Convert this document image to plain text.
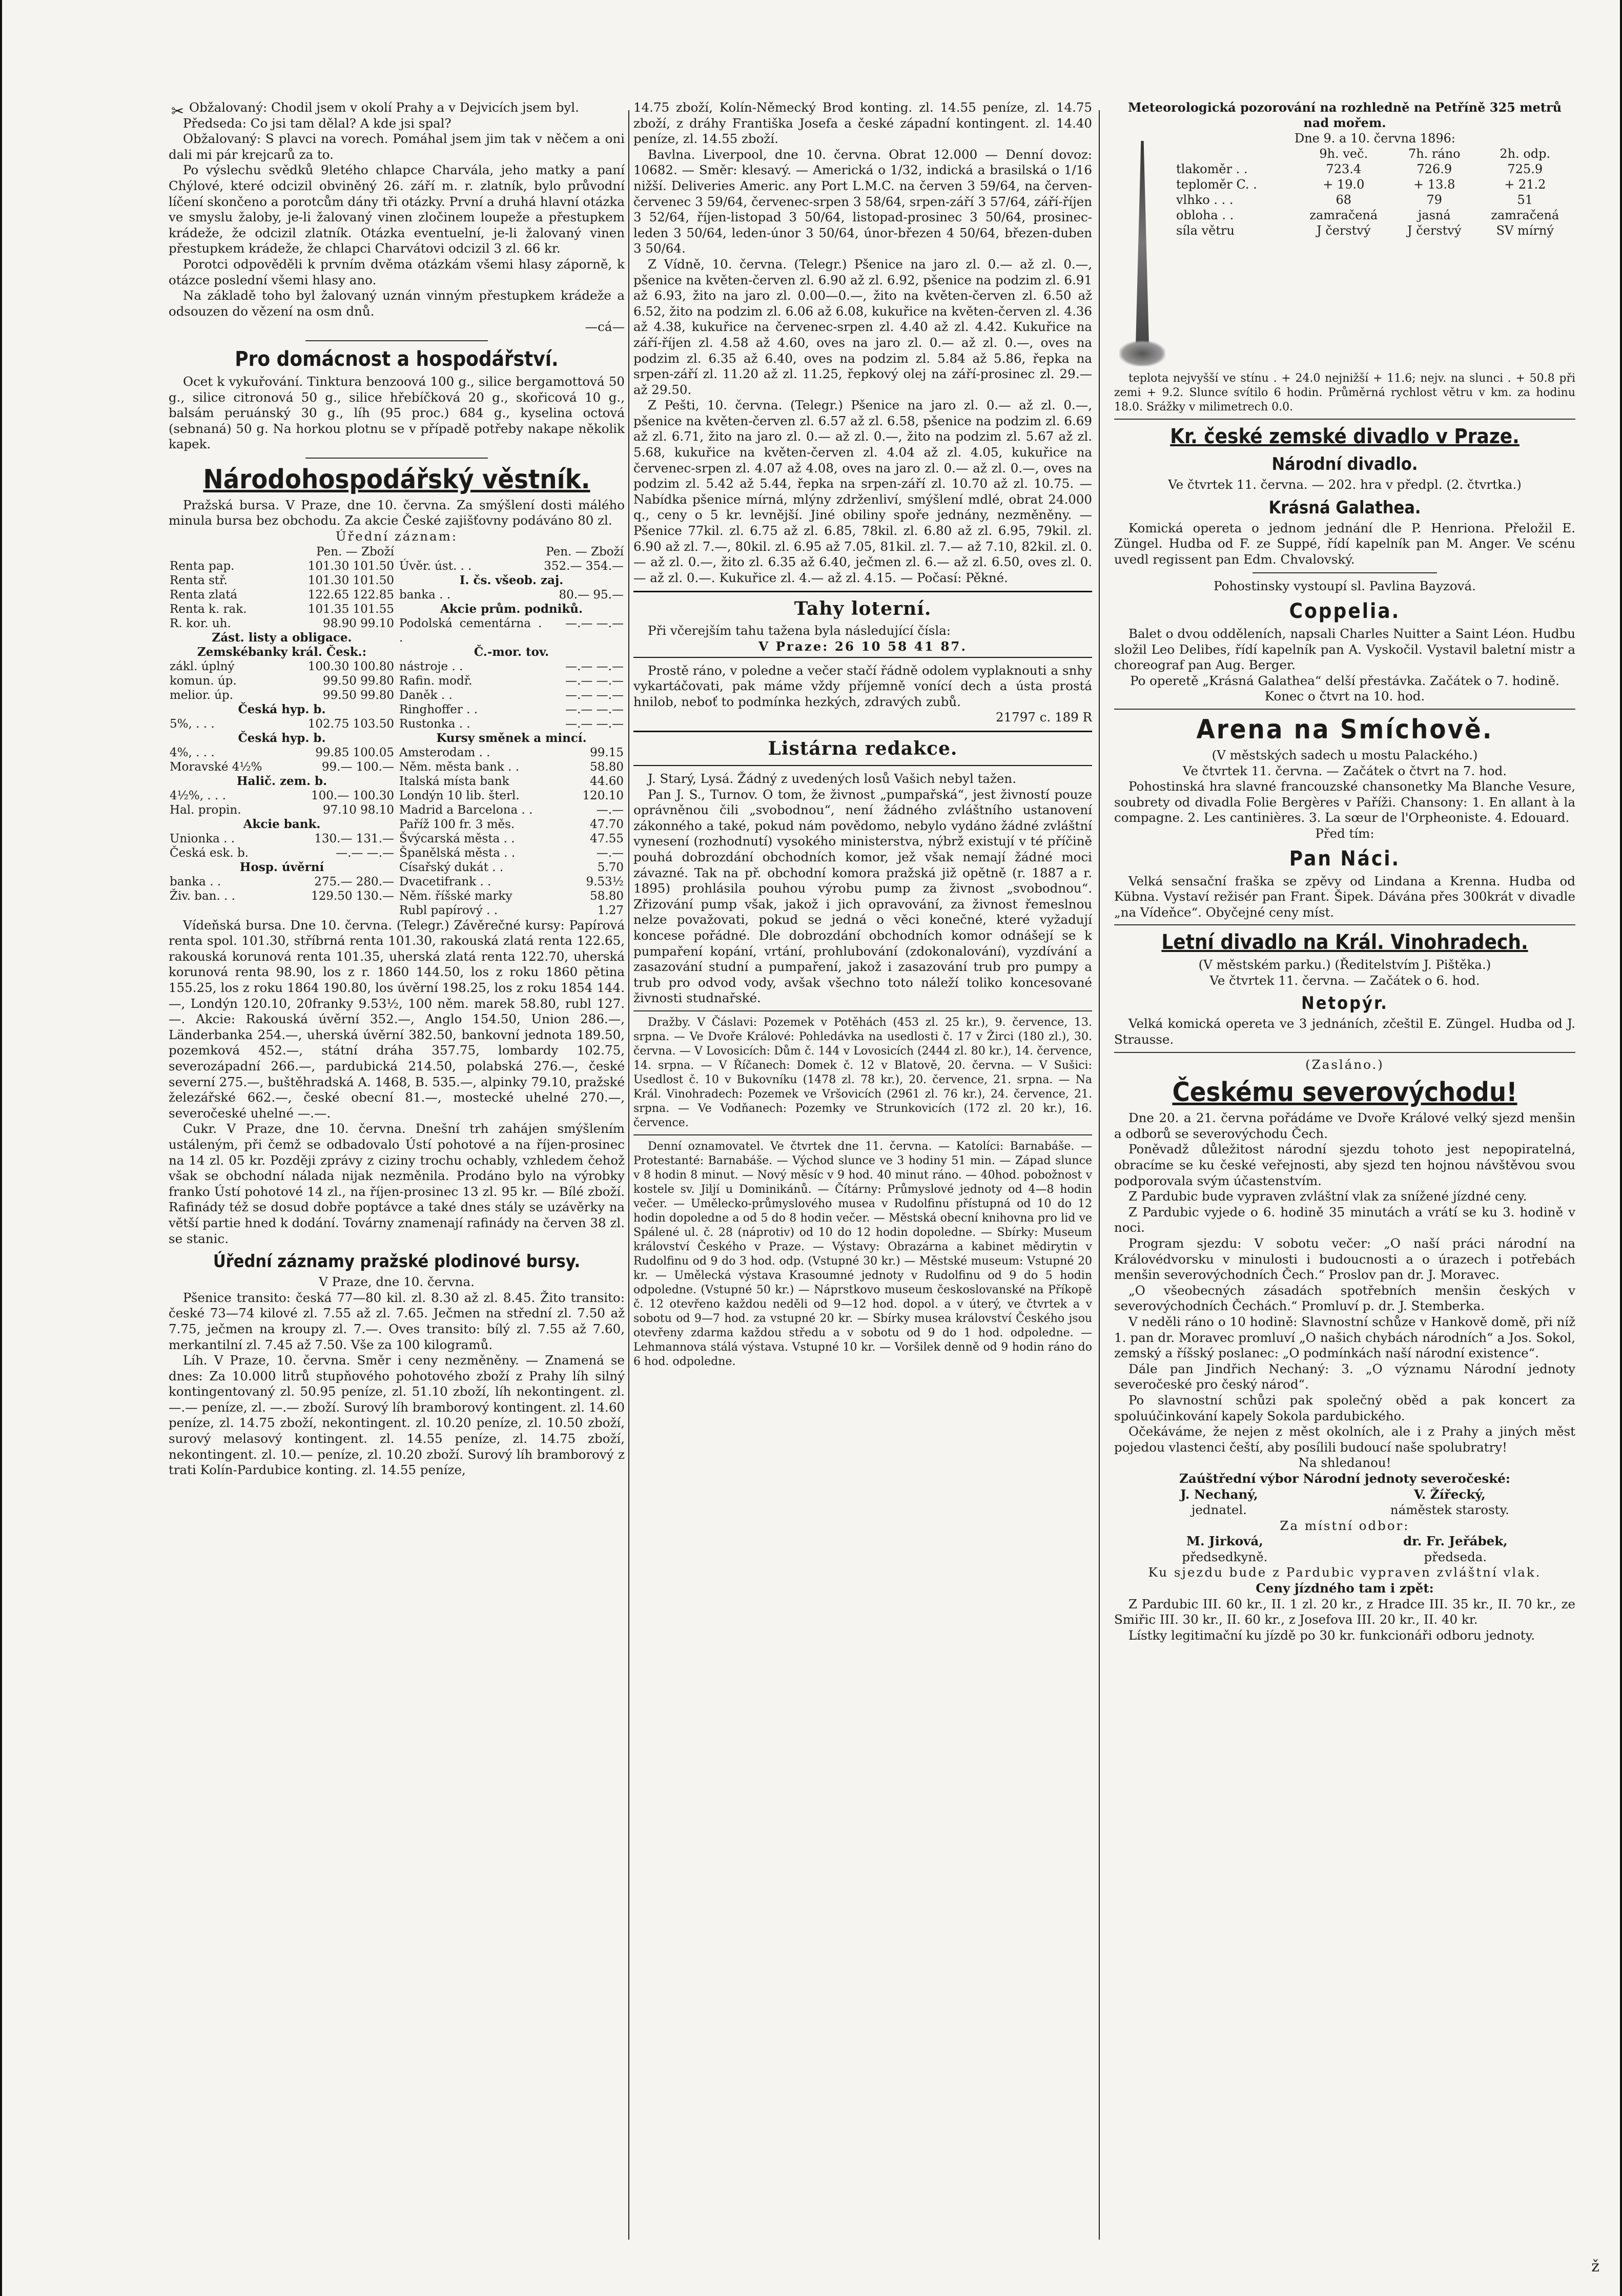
✂ Obžalovaný: Chodil jsem v okolí Prahy a v Dejvicích jsem byl.

Předseda: Co jsi tam dělal? A kde jsi spal?

Obžalovaný: S plavci na vorech. Pomáhal jsem jim tak v něčem a oni dali mi pár krejcarů za to.

Po výslechu svědků 9letého chlapce Charvála, jeho matky a paní Chýlové, které odcizil obviněný 26. září m. r. zlatník, bylo průvodní líčení skončeno a porotcům dány tři otázky. První a druhá hlavní otázka ve smyslu žaloby, je-li žalovaný vinen zločinem loupeže a přestupkem krádeže, že odcizil zlatník. Otázka eventuelní, je-li žalovaný vinen přestupkem krádeže, že chlapci Charvátovi odcizil 3 zl. 66 kr.

Porotci odpověděli k prvním dvěma otázkám všemi hlasy záporně, k otázce poslední všemi hlasy ano.

Na základě toho byl žalovaný uznán vinným přestupkem krádeže a odsouzen do vězení na osm dnů.

—cá—

Pro domácnost a hospodářství.

Ocet k vykuřování. Tinktura benzoová 100 g., silice bergamottová 50 g., silice citronová 50 g., silice hřebíčková 20 g., skořicová 10 g., balsám peruánský 30 g., líh (95 proc.) 684 g., kyselina octová (sebnaná) 50 g. Na horkou plotnu se v případě potřeby nakape několik kapek.

Národohospodářský věstník.

Pražská bursa. V Praze, dne 10. června. Za smýšlení dosti málého minula bursa bez obchodu. Za akcie České zajišťovny podáváno 80 zl.

Úřední záznam:

	Pen. — Zboží
Renta pap.	101.30 101.50
Renta stř.	101.30 101.50
Renta zlatá	122.65 122.85
Renta k. rak.	101.35 101.55
R. kor. uh.	98.90 99.10
Zást. listy a obligace.	
Zemskébanky král. Česk.:	
zákl. úplný	100.30 100.80
komun. úp.	99.50 99.80
melior. úp.	99.50 99.80
Česká hyp. b.	
5%, . . .	102.75 103.50
Česká hyp. b.	
4%, . . .	99.85 100.05
Moravské 4½%	99.— 100.—
Halič. zem. b.	
4½%, . . .	100.— 100.30
Hal. propin.	97.10 98.10
Akcie bank.	
Unionka . .	130.— 131.—
Česká esk. b.	—.— —.—
Hosp. úvěrní	
banka . .	275.— 280.—
Živ. ban. . .	129.50 130.—
	Pen. — Zboží
Úvěr. úst. . .	352.— 354.—
I. čs. všeob. zaj.	
banka . .	80.— 95.—
Akcie prům. podniků.	
Podolská cementárna . .	—.— —.—
Č.-mor. tov.	
nástroje . .	—.— —.—
Rafin. modř.	—.— —.—
Daněk . .	—.— —.—
Ringhoffer . .	—.— —.—
Rustonka . .	—.— —.—
Kursy směnek a mincí.	
Amsterodam . .	99.15
Něm. města bank . .	58.80
Italská místa bank	44.60
Londýn 10 lib. šterl.	120.10
Madrid a Barcelona . .	—.—
Paříž 100 fr. 3 měs.	47.70
Švýcarská města . .	47.55
Španělská města . .	—.—
Císařský dukát . .	5.70
Dvacetifrank . .	9.53½
Něm. říšské marky	58.80
Rubl papírový . .	1.27

Vídeňská bursa. Dne 10. června. (Telegr.) Závěrečné kursy: Papírová renta spol. 101.30, stříbrná renta 101.30, rakouská zlatá renta 122.65, rakouská korunová renta 101.35, uherská zlatá renta 122.70, uherská korunová renta 98.90, los z r. 1860 144.50, los z roku 1860 pětina 155.25, los z roku 1864 190.80, los úvěrní 198.25, los z roku 1854 144.—, Londýn 120.10, 20franky 9.53½, 100 něm. marek 58.80, rubl 127.—. Akcie: Rakouská úvěrní 352.—, Anglo 154.50, Union 286.—, Länderbanka 254.—, uherská úvěrní 382.50, bankovní jednota 189.50, pozemková 452.—, státní dráha 357.75, lombardy 102.75, severozápadní 266.—, pardubická 214.50, polabská 276.—, české severní 275.—, buštěhradská A. 1468, B. 535.—, alpinky 79.10, pražské železářské 662.—, české obecní 81.—, mostecké uhelné 270.—, severočeské uhelné —.—.

Cukr. V Praze, dne 10. června. Dnešní trh zahájen smýšlením ustáleným, při čemž se odbadovalo Ústí pohotové a na říjen-prosinec na 14 zl. 05 kr. Později zprávy z ciziny trochu ochably, vzhledem čehož však se obchodní nálada nijak nezměnila. Prodáno bylo na výrobky franko Ústí pohotové 14 zl., na říjen-prosinec 13 zl. 95 kr. — Bílé zboží. Rafinády též se dosud dobře poptávce a také dnes stály se uzávěrky na větší partie hned k dodání. Továrny znamenají rafinády na červen 38 zl. se stanic.

Úřední záznamy pražské plodinové bursy.

V Praze, dne 10. června.

Pšenice transito: česká 77—80 kil. zl. 8.30 až zl. 8.45. Žito transito: české 73—74 kilové zl. 7.55 až zl. 7.65. Ječmen na střední zl. 7.50 až 7.75, ječmen na kroupy zl. 7.—. Oves transito: bílý zl. 7.55 až 7.60, merkantilní zl. 7.45 až 7.50. Vše za 100 kilogramů.

Líh. V Praze, 10. června. Směr i ceny nezměněny. — Znamená se dnes: Za 10.000 litrů stupňového pohotového zboží z Prahy líh silný kontingentovaný zl. 50.95 peníze, zl. 51.10 zboží, líh nekontingent. zl. —.— peníze, zl. —.— zboží. Surový líh bramborový kontingent. zl. 14.60 peníze, zl. 14.75 zboží, nekontingent. zl. 10.20 peníze, zl. 10.50 zboží, surový melasový kontingent. zl. 14.55 peníze, zl. 14.75 zboží, nekontingent. zl. 10.— peníze, zl. 10.20 zboží. Surový líh bramborový z trati Kolín-Pardubice konting. zl. 14.55 peníze,

14.75 zboží, Kolín-Německý Brod konting. zl. 14.55 peníze, zl. 14.75 zboží, z dráhy Františka Josefa a české západní kontingent. zl. 14.40 peníze, zl. 14.55 zboží.

Bavlna. Liverpool, dne 10. června. Obrat 12.000 — Denní dovoz: 10682. — Směr: klesavý. — Americká o 1/32, indická a brasilská o 1/16 nižší. Deliveries Americ. any Port L.M.C. na červen 3 59/64, na červen-červenec 3 59/64, červenec-srpen 3 58/64, srpen-září 3 57/64, září-říjen 3 52/64, říjen-listopad 3 50/64, listopad-prosinec 3 50/64, prosinec-leden 3 50/64, leden-únor 3 50/64, únor-březen 4 50/64, březen-duben 3 50/64.

Z Vídně, 10. června. (Telegr.) Pšenice na jaro zl. 0.— až zl. 0.—, pšenice na květen-červen zl. 6.90 až zl. 6.92, pšenice na podzim zl. 6.91 až 6.93, žito na jaro zl. 0.00—0.—, žito na květen-červen zl. 6.50 až 6.52, žito na podzim zl. 6.06 až 6.08, kukuřice na květen-červen zl. 4.36 až 4.38, kukuřice na červenec-srpen zl. 4.40 až zl. 4.42. Kukuřice na září-říjen zl. 4.58 až 4.60, oves na jaro zl. 0.— až zl. 0.—, oves na podzim zl. 6.35 až 6.40, oves na podzim zl. 5.84 až 5.86, řepka na srpen-září zl. 11.20 až zl. 11.25, řepkový olej na září-prosinec zl. 29.— až 29.50.

Z Pešti, 10. června. (Telegr.) Pšenice na jaro zl. 0.— až zl. 0.—, pšenice na květen-červen zl. 6.57 až zl. 6.58, pšenice na podzim zl. 6.69 až zl. 6.71, žito na jaro zl. 0.— až zl. 0.—, žito na podzim zl. 5.67 až zl. 5.68, kukuřice na květen-červen zl. 4.04 až zl. 4.05, kukuřice na červenec-srpen zl. 4.07 až 4.08, oves na jaro zl. 0.— až zl. 0.—, oves na podzim zl. 5.42 až 5.44, řepka na srpen-září zl. 10.70 až zl. 10.75. — Nabídka pšenice mírná, mlýny zdrženliví, smýšlení mdlé, obrat 24.000 q., ceny o 5 kr. levnější. Jiné obiliny spoře jednány, nezměněny. — Pšenice 77kil. zl. 6.75 až zl. 6.85, 78kil. zl. 6.80 až zl. 6.95, 79kil. zl. 6.90 až zl. 7.—, 80kil. zl. 6.95 až 7.05, 81kil. zl. 7.— až 7.10, 82kil. zl. 0.— až zl. 0.—, žito zl. 6.35 až 6.40, ječmen zl. 6.— až zl. 6.50, oves zl. 0.— až zl. 0.—. Kukuřice zl. 4.— až zl. 4.15. — Počasí: Pěkné.

Tahy loterní.

Při včerejším tahu tažena byla následující čísla:

V Praze: 26 10 58 41 87.

Prostě ráno, v poledne a večer stačí řádně odolem vyplaknouti a snhy vykartáčovati, pak máme vždy příjemně vonící dech a ústa prostá hnilob, neboť to podmínka hezkých, zdravých zubů.

21797 c. 189 R

Listárna redakce.

J. Starý, Lysá. Žádný z uvedených losů Vašich nebyl tažen.

Pan J. S., Turnov. O tom, že živnost „pumpařská“, jest živností pouze oprávněnou čili „svobodnou“, není žádného zvláštního ustanovení zákonného a také, pokud nám povědomo, nebylo vydáno žádné zvláštní vynesení (rozhodnutí) vysokého ministerstva, nýbrž existují v té příčině pouhá dobrozdání obchodních komor, jež však nemají žádné moci závazné. Tak na př. obchodní komora pražská již opětně (r. 1887 a r. 1895) prohlásila pouhou výrobu pump za živnost „svobodnou“. Zřizování pump však, jakož i jich opravování, za živnost řemeslnou nelze považovati, pokud se jedná o věci konečné, které vyžadují koncese pořádné. Dle dobrozdání obchodních komor odnášejí se k pumpaření kopání, vrtání, prohlubování (zdokonalování), vyzdívání a zasazování studní a pumpaření, jakož i zasazování trub pro pumpy a trub pro odvod vody, avšak všechno toto náleží toliko koncesované živnosti studnařské.

Dražby. V Čáslavi: Pozemek v Potěhách (453 zl. 25 kr.), 9. července, 13. srpna. — Ve Dvoře Králové: Pohledávka na usedlosti č. 17 v Žirci (180 zl.), 30. června. — V Lovosicích: Dům č. 144 v Lovosicích (2444 zl. 80 kr.), 14. července, 14. srpna. — V Říčanech: Domek č. 12 v Blatově, 20. června. — V Sušici: Usedlost č. 10 v Bukovníku (1478 zl. 78 kr.), 20. července, 21. srpna. — Na Král. Vinohradech: Pozemek ve Vršovicích (2961 zl. 76 kr.), 24. července, 21. srpna. — Ve Vodňanech: Pozemky ve Strunkovicích (172 zl. 20 kr.), 16. července.

Denní oznamovatel. Ve čtvrtek dne 11. června. — Katolíci: Barnabáše. — Protestanté: Barnabáše. — Východ slunce ve 3 hodiny 51 min. — Západ slunce v 8 hodin 8 minut. — Nový měsíc v 9 hod. 40 minut ráno. — 40hod. pobožnost v kostele sv. Jiljí u Dominikánů. — Čítárny: Průmyslové jednoty od 4—8 hodin večer. — Umělecko-průmyslového musea v Rudolfinu přístupná od 10 do 12 hodin dopoledne a od 5 do 8 hodin večer. — Městská obecní knihovna pro lid ve Spálené ul. č. 28 (náprotiv) od 10 do 12 hodin dopoledne. — Sbírky: Museum království Českého v Praze. — Výstavy: Obrazárna a kabinet mědirytin v Rudolfinu od 9 do 3 hod. odp. (Vstupné 30 kr.) — Městské museum: Vstupné 20 kr. — Umělecká výstava Krasoumné jednoty v Rudolfinu od 9 do 5 hodin odpoledne. (Vstupné 50 kr.) — Náprstkovo museum českoslovanské na Příkopě č. 12 otevřeno každou neděli od 9—12 hod. dopol. a v úterý, ve čtvrtek a v sobotu od 9—7 hod. za vstupné 20 kr. — Sbírky musea království Českého jsou otevřeny zdarma každou středu a v sobotu od 9 do 1 hod. odpoledne. — Lehmannova stálá výstava. Vstupné 10 kr. — Voršilek denně od 9 hodin ráno do 6 hod. odpoledne.

Meteorologická pozorování na rozhledně na Petříně 325 metrů nad mořem.
Dne 9. a 10. června 1896:
	9h. več.	7h. ráno	2h. odp.
tlakoměr . .	723.4	726.9	725.9
teploměr C. .	+ 19.0	+ 13.8	+ 21.2
vlhko . . .	68	79	51
obloha . .	zamračená	jasná	zamračená
síla větru	J čerstvý	J čerstvý	SV mírný

teplota nejvyšší ve stínu . + 24.0 nejnižší + 11.6; nejv. na slunci . + 50.8 při zemi + 9.2. Slunce svítilo 6 hodin. Průměrná rychlost větru v km. za hodinu 18.0. Srážky v milimetrech 0.0.

Kr. české zemské divadlo v Praze.
Národní divadlo.

Ve čtvrtek 11. června. — 202. hra v předpl. (2. čtvrtka.)

Krásná Galathea.

Komická opereta o jednom jednání dle P. Henriona. Přeložil E. Züngel. Hudba od F. ze Suppé, řídí kapelník pan M. Anger. Ve scénu uvedl regissent pan Edm. Chvalovský.

Pohostinsky vystoupí sl. Pavlina Bayzová.

Coppelia.

Balet o dvou odděleních, napsali Charles Nuitter a Saint Léon. Hudbu složil Leo Delibes, řídí kapelník pan A. Vyskočil. Vystavil baletní mistr a choreograf pan Aug. Berger.

Po operetě „Krásná Galathea“ delší přestávka. Začátek o 7. hodině. Konec o čtvrt na 10. hod.

Arena na Smíchově.

(V městských sadech u mostu Palackého.)

Ve čtvrtek 11. června. — Začátek o čtvrt na 7. hod.

Pohostinská hra slavné francouzské chansonetky Ma Blanche Vesure, soubrety od divadla Folie Bergères v Paříži. Chansony: 1. En allant à la compagne. 2. Les cantinières. 3. La sœur de l'Orpheoniste. 4. Edouard.

Před tím:

Pan Náci.

Velká sensační fraška se zpěvy od Lindana a Krenna. Hudba od Kübna. Vystaví režisér pan Frant. Šipek. Dávána přes 300krát v divadle „na Vídeňce“. Obyčejné ceny míst.

Letní divadlo na Král. Vinohradech.

(V městském parku.) (Ředitelstvím J. Pištěka.)

Ve čtvrtek 11. června. — Začátek o 6. hod.

Netopýr.

Velká komická opereta ve 3 jednáních, zčeštil E. Züngel. Hudba od J. Strausse.

(Zasláno.)

Českému severovýchodu!

Dne 20. a 21. června pořádáme ve Dvoře Králové velký sjezd menšin a odborů se severovýchodu Čech.

Poněvadž důležitost národní sjezdu tohoto jest nepopiratelná, obracíme se ku české veřejnosti, aby sjezd ten hojnou návštěvou svou podporovala svým účastenstvím.

Z Pardubic bude vypraven zvláštní vlak za snížené jízdné ceny.

Z Pardubic vyjede o 6. hodině 35 minutách a vrátí se ku 3. hodině v noci.

Program sjezdu: V sobotu večer: „O naší práci národní na Královédvorsku v minulosti i budoucnosti a o úrazech i potřebách menšin severovýchodních Čech.“ Proslov pan dr. J. Moravec.

„O všeobecných zásadách spotřebních menšin českých v severovýchodních Čechách.“ Promluví p. dr. J. Stemberka.

V neděli ráno o 10 hodině: Slavnostní schůze v Hankově domě, při níž 1. pan dr. Moravec promluví „O našich chybách národních“ a Jos. Sokol, zemský a říšský poslanec: „O podmínkách naší národní existence“.

Dále pan Jindřich Nechaný: 3. „O významu Národní jednoty severočeské pro český národ“.

Po slavnostní schůzi pak společný oběd a pak koncert za spoluúčinkování kapely Sokola pardubického.

Očekáváme, že nejen z měst okolních, ale i z Prahy a jiných měst pojedou vlastenci čeští, aby posílili budoucí naše spolubratry!

Na shledanou!

Zaúštřední výbor Národní jednoty severočeské:

J. Nechaný,
jednatel.
V. Žířecký,
náměstek starosty.

Za místní odbor:

M. Jirková,
předsedkyně.
dr. Fr. Jeřábek,
předseda.

Ku sjezdu bude z Pardubic vypraven zvláštní vlak.

Ceny jízdného tam i zpět:

Z Pardubic III. 60 kr., II. 1 zl. 20 kr., z Hradce III. 35 kr., II. 70 kr., ze Smiřic III. 30 kr., II. 60 kr., z Josefova III. 20 kr., II. 40 kr.

Lístky legitimační ku jízdě po 30 kr. funkcionáři odboru jednoty.

ž
